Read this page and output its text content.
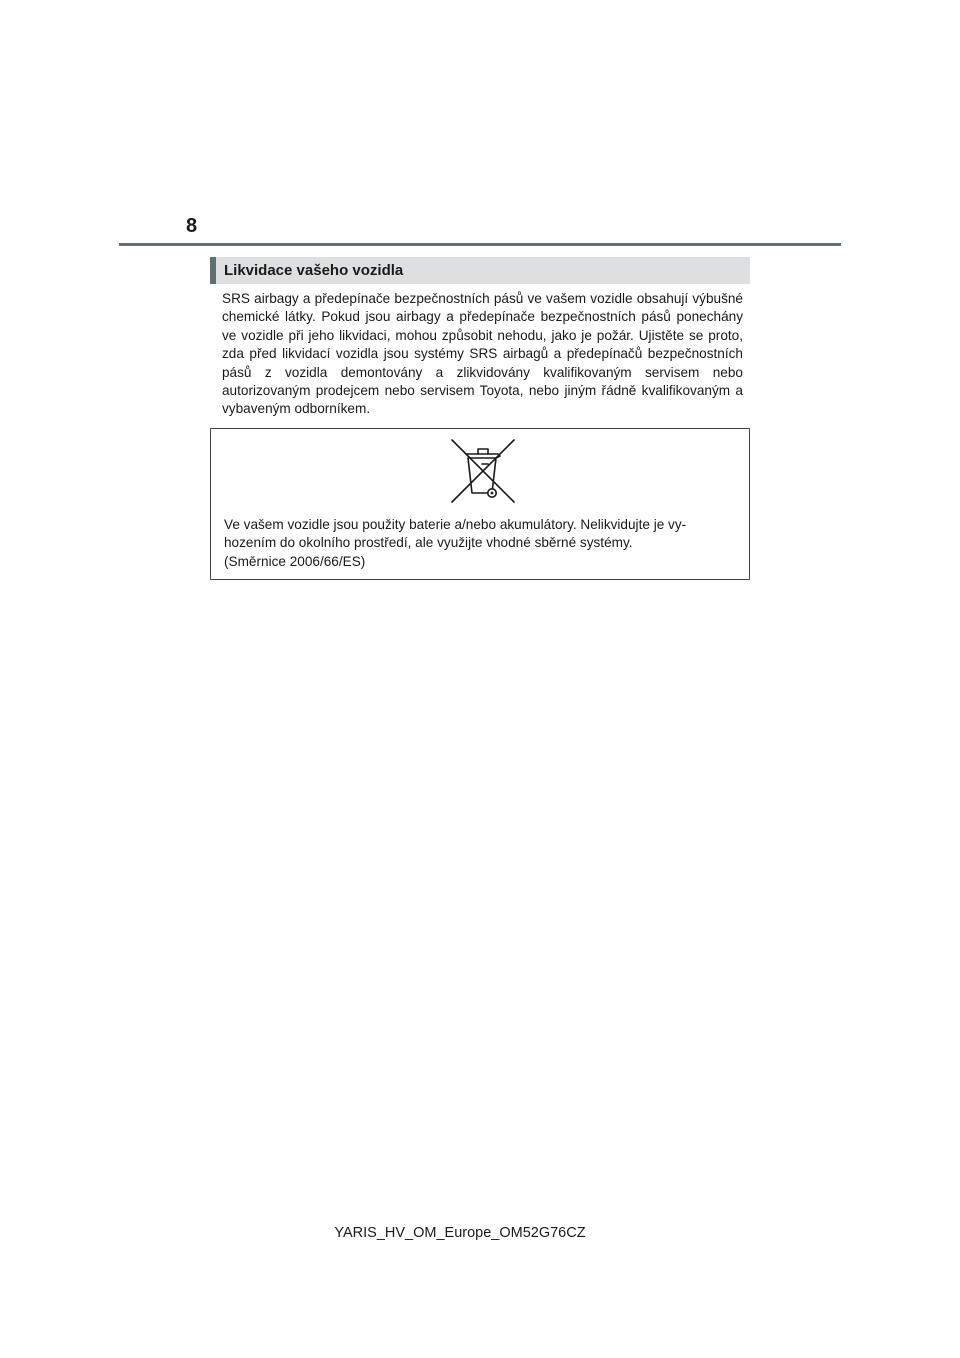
8
Likvidace vašeho vozidla

SRS airbagy a předepínače bezpečnostních pásů ve vašem vozidle obsahují výbušné chemické látky. Pokud jsou airbagy a předepínače bezpečnostních pásů ponechány ve vozidle při jeho likvidaci, mohou způsobit nehodu, jako je požár. Ujistěte se proto, zda před likvidací vozidla jsou systémy SRS airbagů a předepínačů bezpečnostních pásů z vozidla demontovány a zlikvidovány kvalifikovaným servisem nebo autorizovaným prodejcem nebo servisem Toyota, nebo jiným řádně kvalifikovaným a vybaveným odborníkem.

Ve vašem vozidle jsou použity baterie a/nebo akumulátory. Nelikvidujte je vy-
hozením do okolního prostředí, ale využijte vhodné sběrné systémy.
(Směrnice 2006/66/ES)

YARIS_HV_OM_Europe_OM52G76CZ
